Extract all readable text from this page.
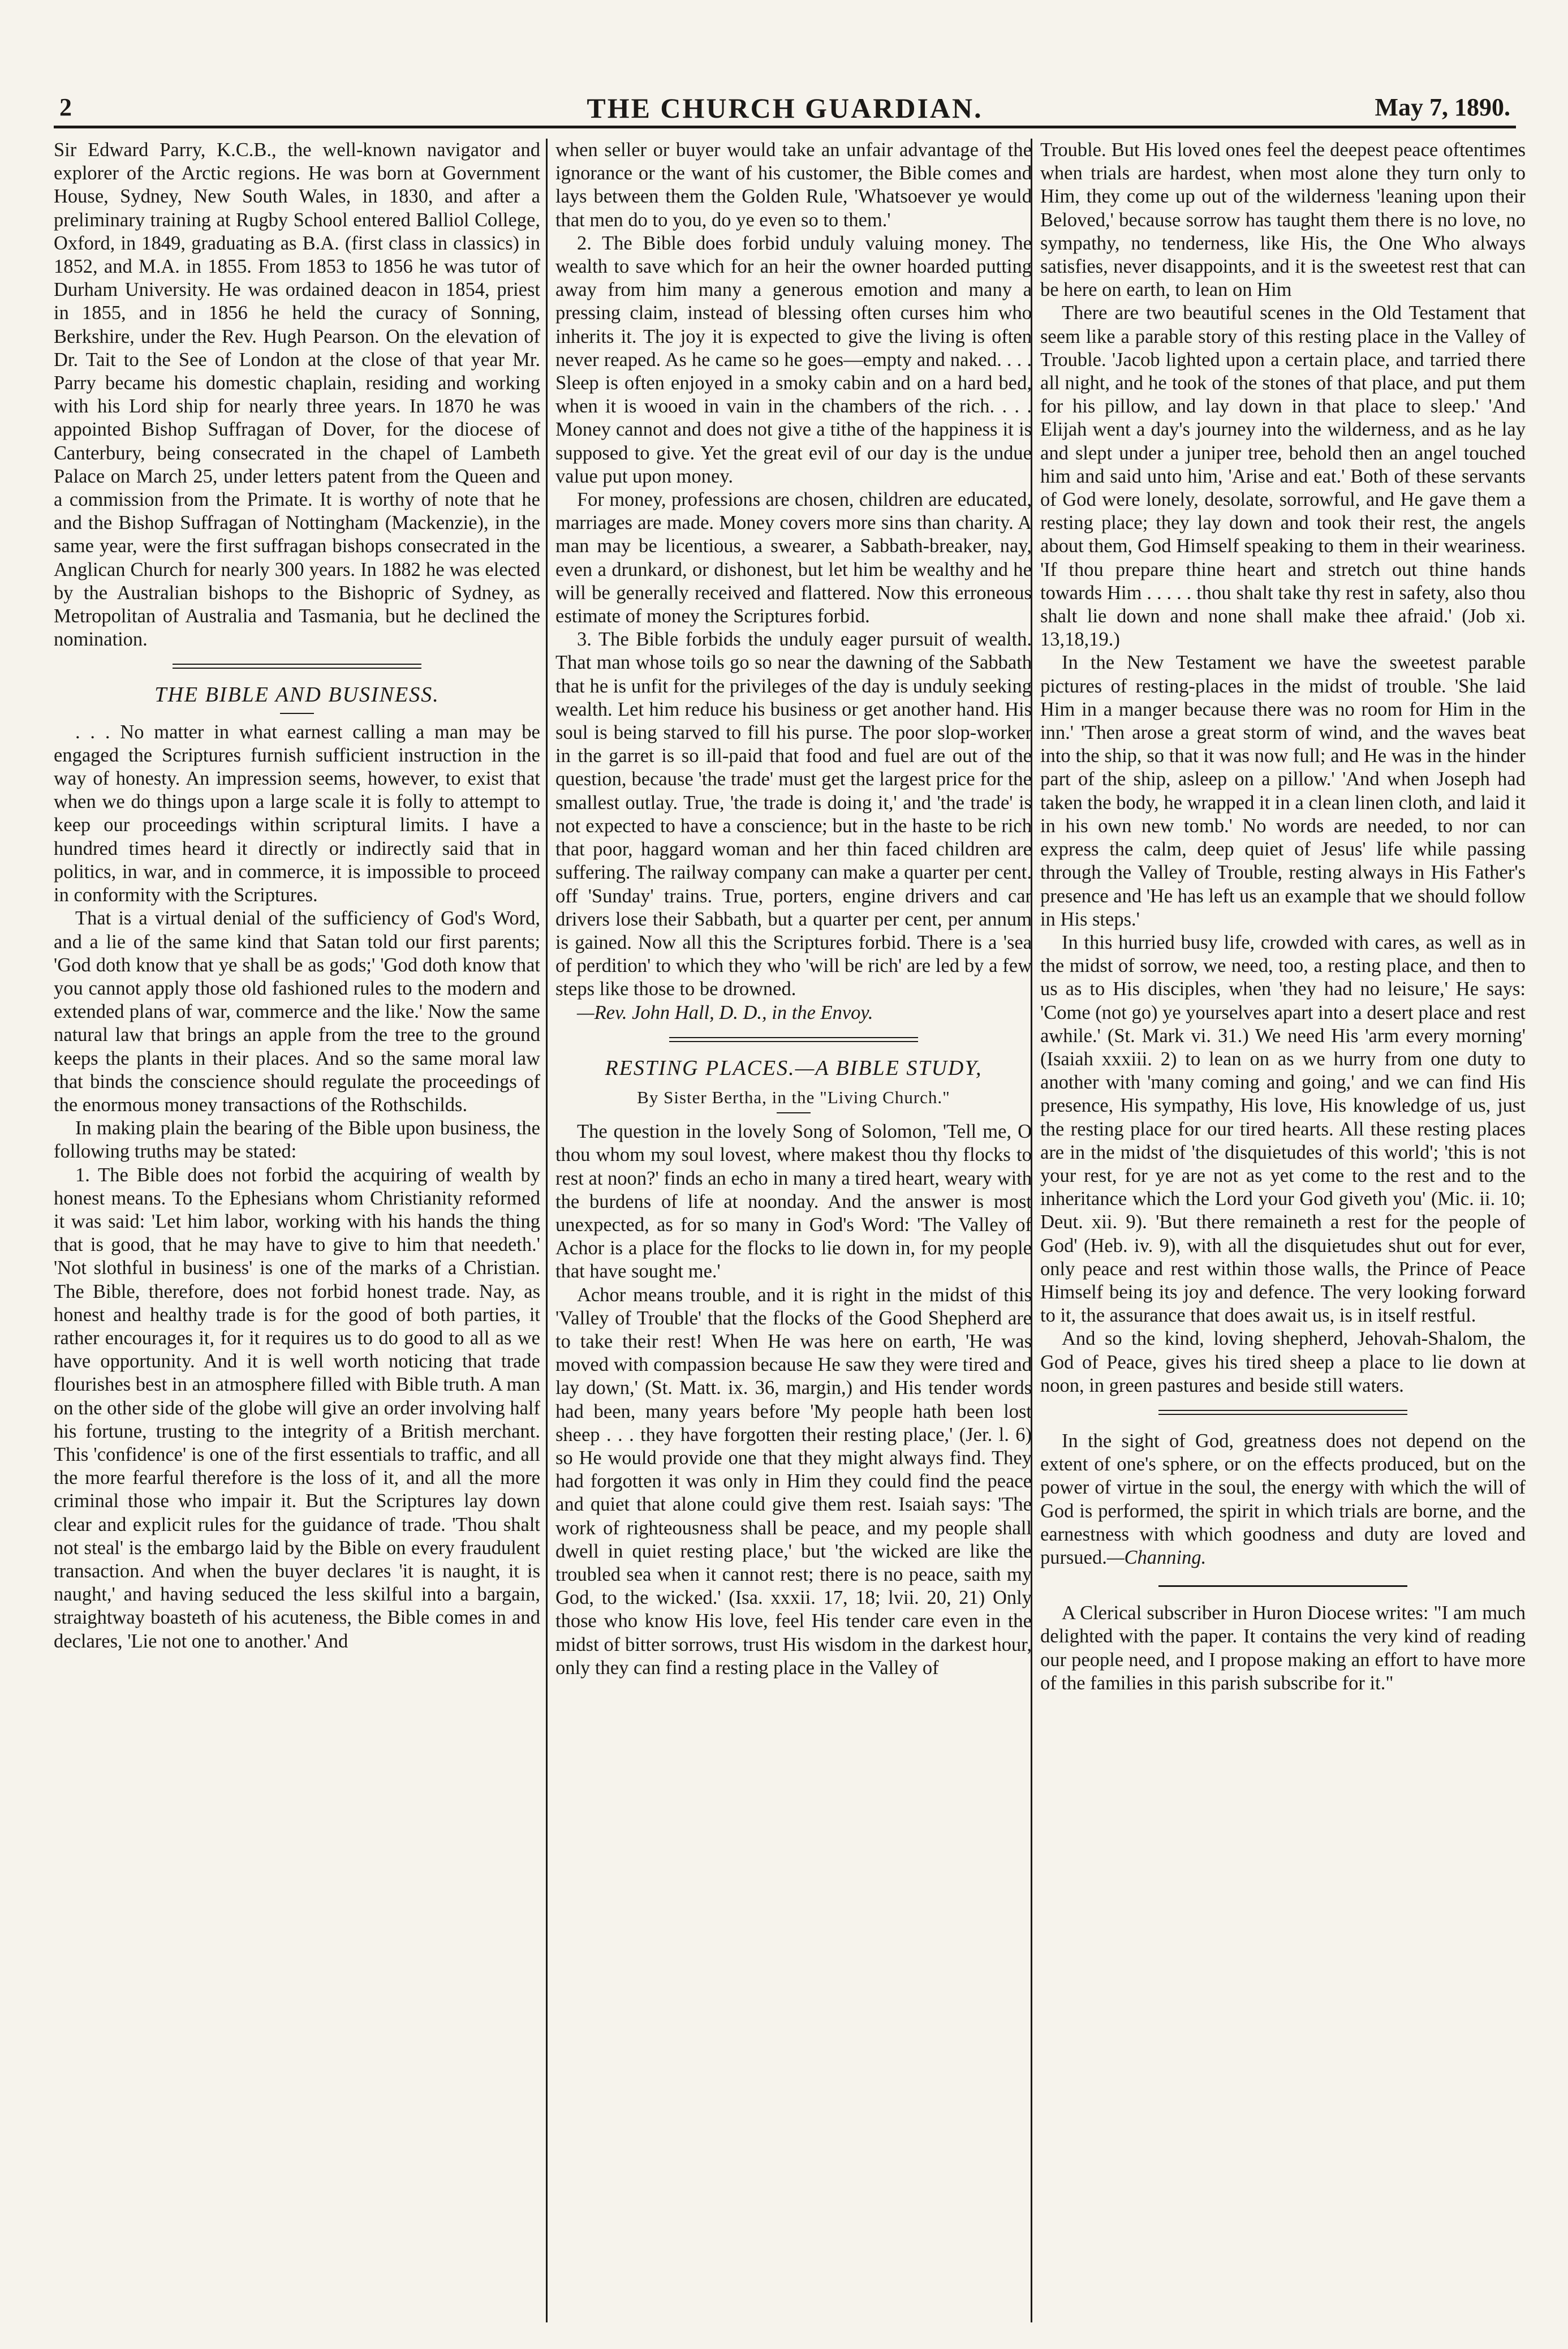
2	THE CHURCH GUARDIAN.	May 7, 1890.

Sir Edward Parry, K.C.B., the well-known navigator and explorer of the Arctic regions. He was born at Government House, Sydney, New South Wales, in 1830, and after a preliminary training at Rugby School entered Balliol College, Oxford, in 1849, graduating as B.A. (first class in classics) in 1852, and M.A. in 1855. From 1853 to 1856 he was tutor of Durham University. He was ordained deacon in 1854, priest in 1855, and in 1856 he held the curacy of Sonning, Berkshire, under the Rev. Hugh Pearson. On the elevation of Dr. Tait to the See of London at the close of that year Mr. Parry became his domestic chaplain, residing and working with his Lord ship for nearly three years. In 1870 he was appointed Bishop Suffragan of Dover, for the diocese of Canterbury, being consecrated in the chapel of Lambeth Palace on March 25, under letters patent from the Queen and a commission from the Primate. It is worthy of note that he and the Bishop Suffragan of Nottingham (Mackenzie), in the same year, were the first suffragan bishops consecrated in the Anglican Church for nearly 300 years. In 1882 he was elected by the Australian bishops to the Bishopric of Sydney, as Metropolitan of Australia and Tasmania, but he declined the nomination.

THE BIBLE AND BUSINESS.

. . . No matter in what earnest calling a man may be engaged the Scriptures furnish sufficient instruction in the way of honesty. An impression seems, however, to exist that when we do things upon a large scale it is folly to attempt to keep our proceedings within scriptural limits. I have a hundred times heard it directly or indirectly said that in politics, in war, and in commerce, it is impossible to proceed in conformity with the Scriptures.

That is a virtual denial of the sufficiency of God's Word, and a lie of the same kind that Satan told our first parents; 'God doth know that ye shall be as gods;' 'God doth know that you cannot apply those old fashioned rules to the modern and extended plans of war, commerce and the like.' Now the same natural law that brings an apple from the tree to the ground keeps the plants in their places. And so the same moral law that binds the conscience should regulate the proceedings of the enormous money transactions of the Rothschilds.

In making plain the bearing of the Bible upon business, the following truths may be stated:

1. The Bible does not forbid the acquiring of wealth by honest means. To the Ephesians whom Christianity reformed it was said: 'Let him labor, working with his hands the thing that is good, that he may have to give to him that needeth.' 'Not slothful in business' is one of the marks of a Christian. The Bible, therefore, does not forbid honest trade. Nay, as honest and healthy trade is for the good of both parties, it rather encourages it, for it requires us to do good to all as we have opportunity. And it is well worth noticing that trade flourishes best in an atmosphere filled with Bible truth. A man on the other side of the globe will give an order involving half his fortune, trusting to the integrity of a British merchant. This 'confidence' is one of the first essentials to traffic, and all the more fearful therefore is the loss of it, and all the more criminal those who impair it. But the Scriptures lay down clear and explicit rules for the guidance of trade. 'Thou shalt not steal' is the embargo laid by the Bible on every fraudulent transaction. And when the buyer declares 'it is naught, it is naught,' and having seduced the less skilful into a bargain, straightway boasteth of his acuteness, the Bible comes in and declares, 'Lie not one to another.' And

when seller or buyer would take an unfair advantage of the ignorance or the want of his customer, the Bible comes and lays between them the Golden Rule, 'Whatsoever ye would that men do to you, do ye even so to them.'

2. The Bible does forbid unduly valuing money. The wealth to save which for an heir the owner hoarded putting away from him many a generous emotion and many a pressing claim, instead of blessing often curses him who inherits it. The joy it is expected to give the living is often never reaped. As he came so he goes—empty and naked. . . . Sleep is often enjoyed in a smoky cabin and on a hard bed, when it is wooed in vain in the chambers of the rich. . . . Money cannot and does not give a tithe of the happiness it is supposed to give. Yet the great evil of our day is the undue value put upon money.

For money, professions are chosen, children are educated, marriages are made. Money covers more sins than charity. A man may be licentious, a swearer, a Sabbath-breaker, nay, even a drunkard, or dishonest, but let him be wealthy and he will be generally received and flattered. Now this erroneous estimate of money the Scriptures forbid.

3. The Bible forbids the unduly eager pursuit of wealth. That man whose toils go so near the dawning of the Sabbath that he is unfit for the privileges of the day is unduly seeking wealth. Let him reduce his business or get another hand. His soul is being starved to fill his purse. The poor slop-worker in the garret is so ill-paid that food and fuel are out of the question, because 'the trade' must get the largest price for the smallest outlay. True, 'the trade is doing it,' and 'the trade' is not expected to have a conscience; but in the haste to be rich that poor, haggard woman and her thin faced children are suffering. The railway company can make a quarter per cent. off 'Sunday' trains. True, porters, engine drivers and car drivers lose their Sabbath, but a quarter per cent, per annum is gained. Now all this the Scriptures forbid. There is a 'sea of perdition' to which they who 'will be rich' are led by a few steps like those to be drowned.

—Rev. John Hall, D. D., in the Envoy.

RESTING PLACES.—A BIBLE STUDY,
By Sister Bertha, in the "Living Church."

The question in the lovely Song of Solomon, 'Tell me, O thou whom my soul lovest, where makest thou thy flocks to rest at noon?' finds an echo in many a tired heart, weary with the burdens of life at noonday. And the answer is most unexpected, as for so many in God's Word: 'The Valley of Achor is a place for the flocks to lie down in, for my people that have sought me.'

Achor means trouble, and it is right in the midst of this 'Valley of Trouble' that the flocks of the Good Shepherd are to take their rest! When He was here on earth, 'He was moved with compassion because He saw they were tired and lay down,' (St. Matt. ix. 36, margin,) and His tender words had been, many years before 'My people hath been lost sheep . . . they have forgotten their resting place,' (Jer. l. 6) so He would provide one that they might always find. They had forgotten it was only in Him they could find the peace and quiet that alone could give them rest. Isaiah says: 'The work of righteousness shall be peace, and my people shall dwell in quiet resting place,' but 'the wicked are like the troubled sea when it cannot rest; there is no peace, saith my God, to the wicked.' (Isa. xxxii. 17, 18; lvii. 20, 21) Only those who know His love, feel His tender care even in the midst of bitter sorrows, trust His wisdom in the darkest hour, only they can find a resting place in the Valley of

Trouble. But His loved ones feel the deepest peace oftentimes when trials are hardest, when most alone they turn only to Him, they come up out of the wilderness 'leaning upon their Beloved,' because sorrow has taught them there is no love, no sympathy, no tenderness, like His, the One Who always satisfies, never disappoints, and it is the sweetest rest that can be here on earth, to lean on Him

There are two beautiful scenes in the Old Testament that seem like a parable story of this resting place in the Valley of Trouble. 'Jacob lighted upon a certain place, and tarried there all night, and he took of the stones of that place, and put them for his pillow, and lay down in that place to sleep.' 'And Elijah went a day's journey into the wilderness, and as he lay and slept under a juniper tree, behold then an angel touched him and said unto him, 'Arise and eat.' Both of these servants of God were lonely, desolate, sorrowful, and He gave them a resting place; they lay down and took their rest, the angels about them, God Himself speaking to them in their weariness. 'If thou prepare thine heart and stretch out thine hands towards Him . . . . . thou shalt take thy rest in safety, also thou shalt lie down and none shall make thee afraid.' (Job xi. 13,18,19.)

In the New Testament we have the sweetest parable pictures of resting-places in the midst of trouble. 'She laid Him in a manger because there was no room for Him in the inn.' 'Then arose a great storm of wind, and the waves beat into the ship, so that it was now full; and He was in the hinder part of the ship, asleep on a pillow.' 'And when Joseph had taken the body, he wrapped it in a clean linen cloth, and laid it in his own new tomb.' No words are needed, to nor can express the calm, deep quiet of Jesus' life while passing through the Valley of Trouble, resting always in His Father's presence and 'He has left us an example that we should follow in His steps.'

In this hurried busy life, crowded with cares, as well as in the midst of sorrow, we need, too, a resting place, and then to us as to His disciples, when 'they had no leisure,' He says: 'Come (not go) ye yourselves apart into a desert place and rest awhile.' (St. Mark vi. 31.) We need His 'arm every morning' (Isaiah xxxiii. 2) to lean on as we hurry from one duty to another with 'many coming and going,' and we can find His presence, His sympathy, His love, His knowledge of us, just the resting place for our tired hearts. All these resting places are in the midst of 'the disquietudes of this world'; 'this is not your rest, for ye are not as yet come to the rest and to the inheritance which the Lord your God giveth you' (Mic. ii. 10; Deut. xii. 9). 'But there remaineth a rest for the people of God' (Heb. iv. 9), with all the disquietudes shut out for ever, only peace and rest within those walls, the Prince of Peace Himself being its joy and defence. The very looking forward to it, the assurance that does await us, is in itself restful.

And so the kind, loving shepherd, Jehovah-Shalom, the God of Peace, gives his tired sheep a place to lie down at noon, in green pastures and beside still waters.

In the sight of God, greatness does not depend on the extent of one's sphere, or on the effects produced, but on the power of virtue in the soul, the energy with which the will of God is performed, the spirit in which trials are borne, and the earnestness with which goodness and duty are loved and pursued.—Channing.

A Clerical subscriber in Huron Diocese writes: "I am much delighted with the paper. It contains the very kind of reading our people need, and I propose making an effort to have more of the families in this parish subscribe for it."
